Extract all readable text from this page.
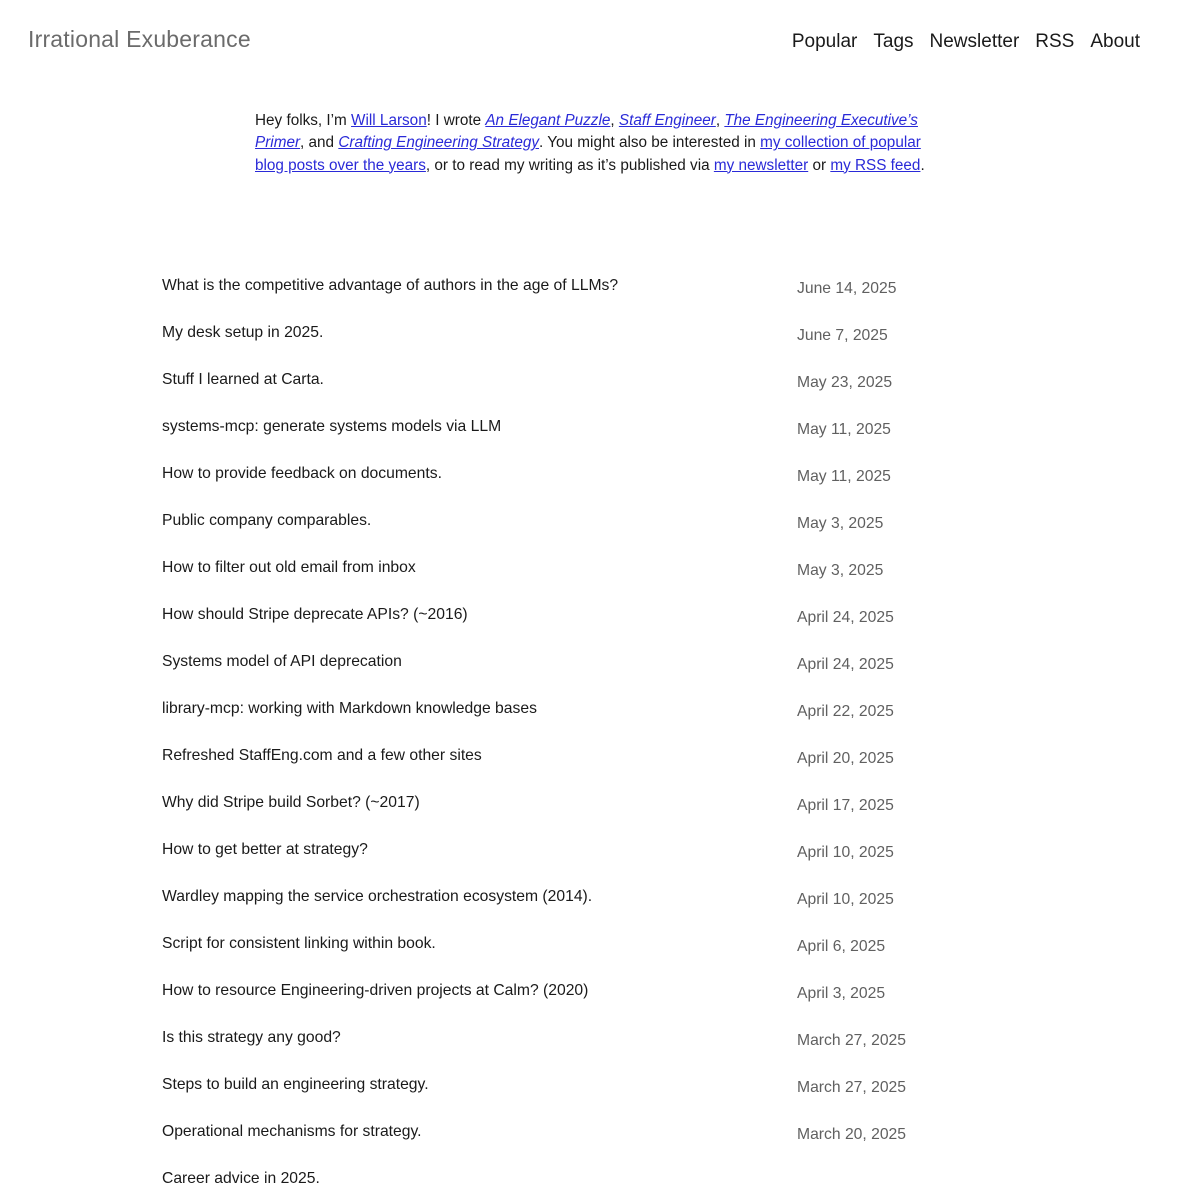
Irrational Exuberance	Popular Tags Newsletter RSS About

Hey folks, I’m Will Larson! I wrote An Elegant Puzzle, Staff Engineer, The Engineering Executive’s Primer, and Crafting Engineering Strategy. You might also be interested in my collection of popular blog posts over the years, or to read my writing as it’s published via my newsletter or my RSS feed.

What is the competitive advantage of authors in the age of LLMs?	June 14, 2025
My desk setup in 2025.	June 7, 2025
Stuff I learned at Carta.	May 23, 2025
systems-mcp: generate systems models via LLM	May 11, 2025
How to provide feedback on documents.	May 11, 2025
Public company comparables.	May 3, 2025
How to filter out old email from inbox	May 3, 2025
How should Stripe deprecate APIs? (~2016)	April 24, 2025
Systems model of API deprecation	April 24, 2025
library-mcp: working with Markdown knowledge bases	April 22, 2025
Refreshed StaffEng.com and a few other sites	April 20, 2025
Why did Stripe build Sorbet? (~2017)	April 17, 2025
How to get better at strategy?	April 10, 2025
Wardley mapping the service orchestration ecosystem (2014).	April 10, 2025
Script for consistent linking within book.	April 6, 2025
How to resource Engineering-driven projects at Calm? (2020)	April 3, 2025
Is this strategy any good?	March 27, 2025
Steps to build an engineering strategy.	March 27, 2025
Operational mechanisms for strategy.	March 20, 2025
Career advice in 2025.
